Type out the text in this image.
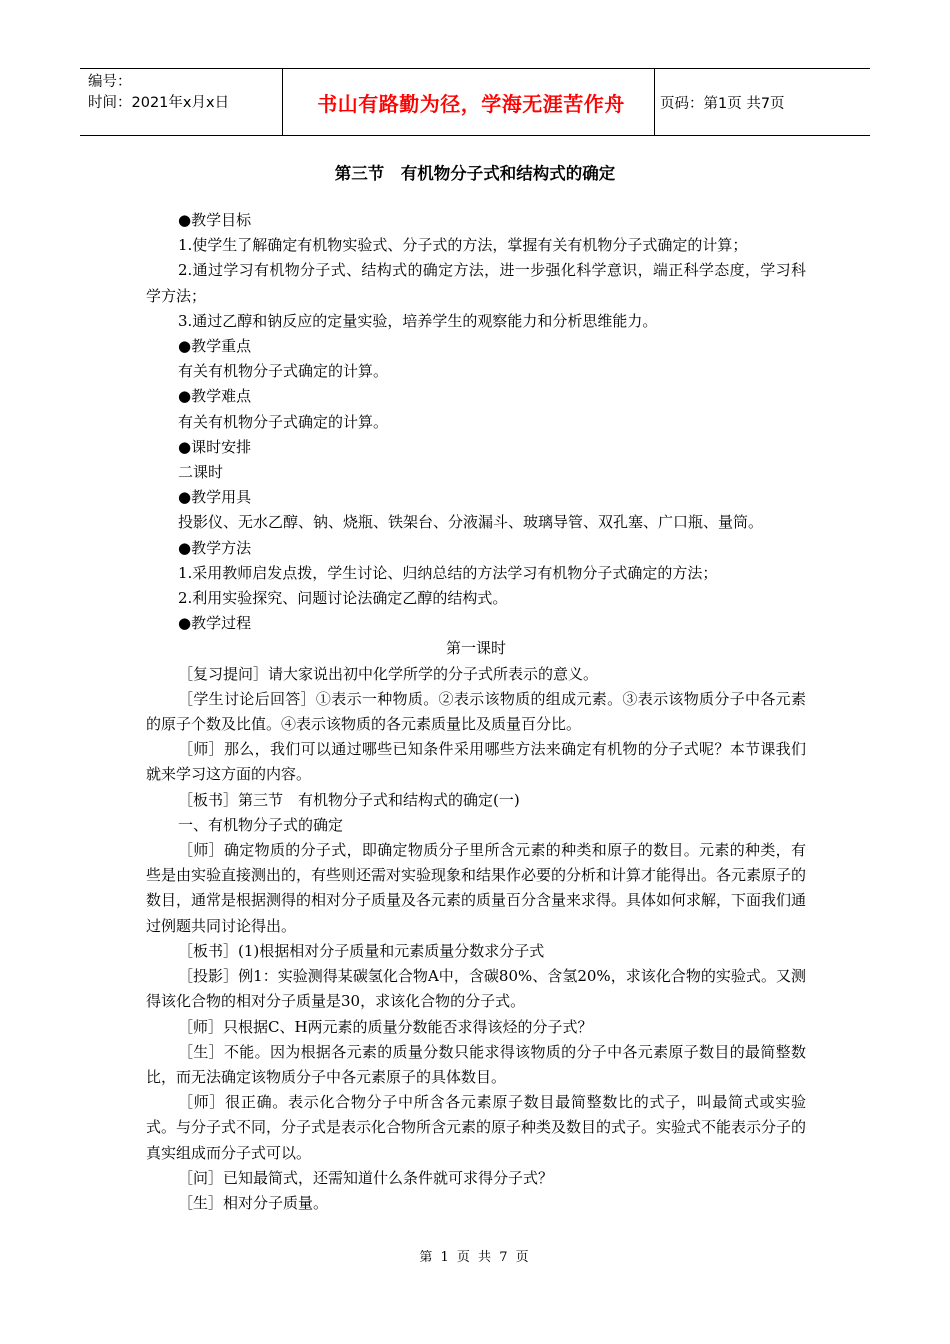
编号：
时间：2021年x月x日	书山有路勤为径，学海无涯苦作舟	页码：第1页 共7页
第三节　有机物分子式和结构式的确定

●教学目标

1.使学生了解确定有机物实验式、分子式的方法，掌握有关有机物分子式确定的计算；

2.通过学习有机物分子式、结构式的确定方法，进一步强化科学意识，端正科学态度，学习科学方法；

3.通过乙醇和钠反应的定量实验，培养学生的观察能力和分析思维能力。

●教学重点

有关有机物分子式确定的计算。

●教学难点

有关有机物分子式确定的计算。

●课时安排

二课时

●教学用具

投影仪、无水乙醇、钠、烧瓶、铁架台、分液漏斗、玻璃导管、双孔塞、广口瓶、量筒。

●教学方法

1.采用教师启发点拨，学生讨论、归纳总结的方法学习有机物分子式确定的方法；

2.利用实验探究、问题讨论法确定乙醇的结构式。

●教学过程

第一课时

［复习提问］请大家说出初中化学所学的分子式所表示的意义。

［学生讨论后回答］①表示一种物质。②表示该物质的组成元素。③表示该物质分子中各元素的原子个数及比值。④表示该物质的各元素质量比及质量百分比。

［师］那么，我们可以通过哪些已知条件采用哪些方法来确定有机物的分子式呢？本节课我们就来学习这方面的内容。

［板书］第三节　有机物分子式和结构式的确定(一)

一、有机物分子式的确定

［师］确定物质的分子式，即确定物质分子里所含元素的种类和原子的数目。元素的种类，有些是由实验直接测出的，有些则还需对实验现象和结果作必要的分析和计算才能得出。各元素原子的数目，通常是根据测得的相对分子质量及各元素的质量百分含量来求得。具体如何求解，下面我们通过例题共同讨论得出。

［板书］(1)根据相对分子质量和元素质量分数求分子式

［投影］例1：实验测得某碳氢化合物A中，含碳80%、含氢20%，求该化合物的实验式。又测得该化合物的相对分子质量是30，求该化合物的分子式。

［师］只根据C、H两元素的质量分数能否求得该烃的分子式？

［生］不能。因为根据各元素的质量分数只能求得该物质的分子中各元素原子数目的最简整数比，而无法确定该物质分子中各元素原子的具体数目。

［师］很正确。表示化合物分子中所含各元素原子数目最简整数比的式子，叫最简式或实验式。与分子式不同，分子式是表示化合物所含元素的原子种类及数目的式子。实验式不能表示分子的真实组成而分子式可以。

［问］已知最简式，还需知道什么条件就可求得分子式？

［生］相对分子质量。

第 1 页 共 7 页
